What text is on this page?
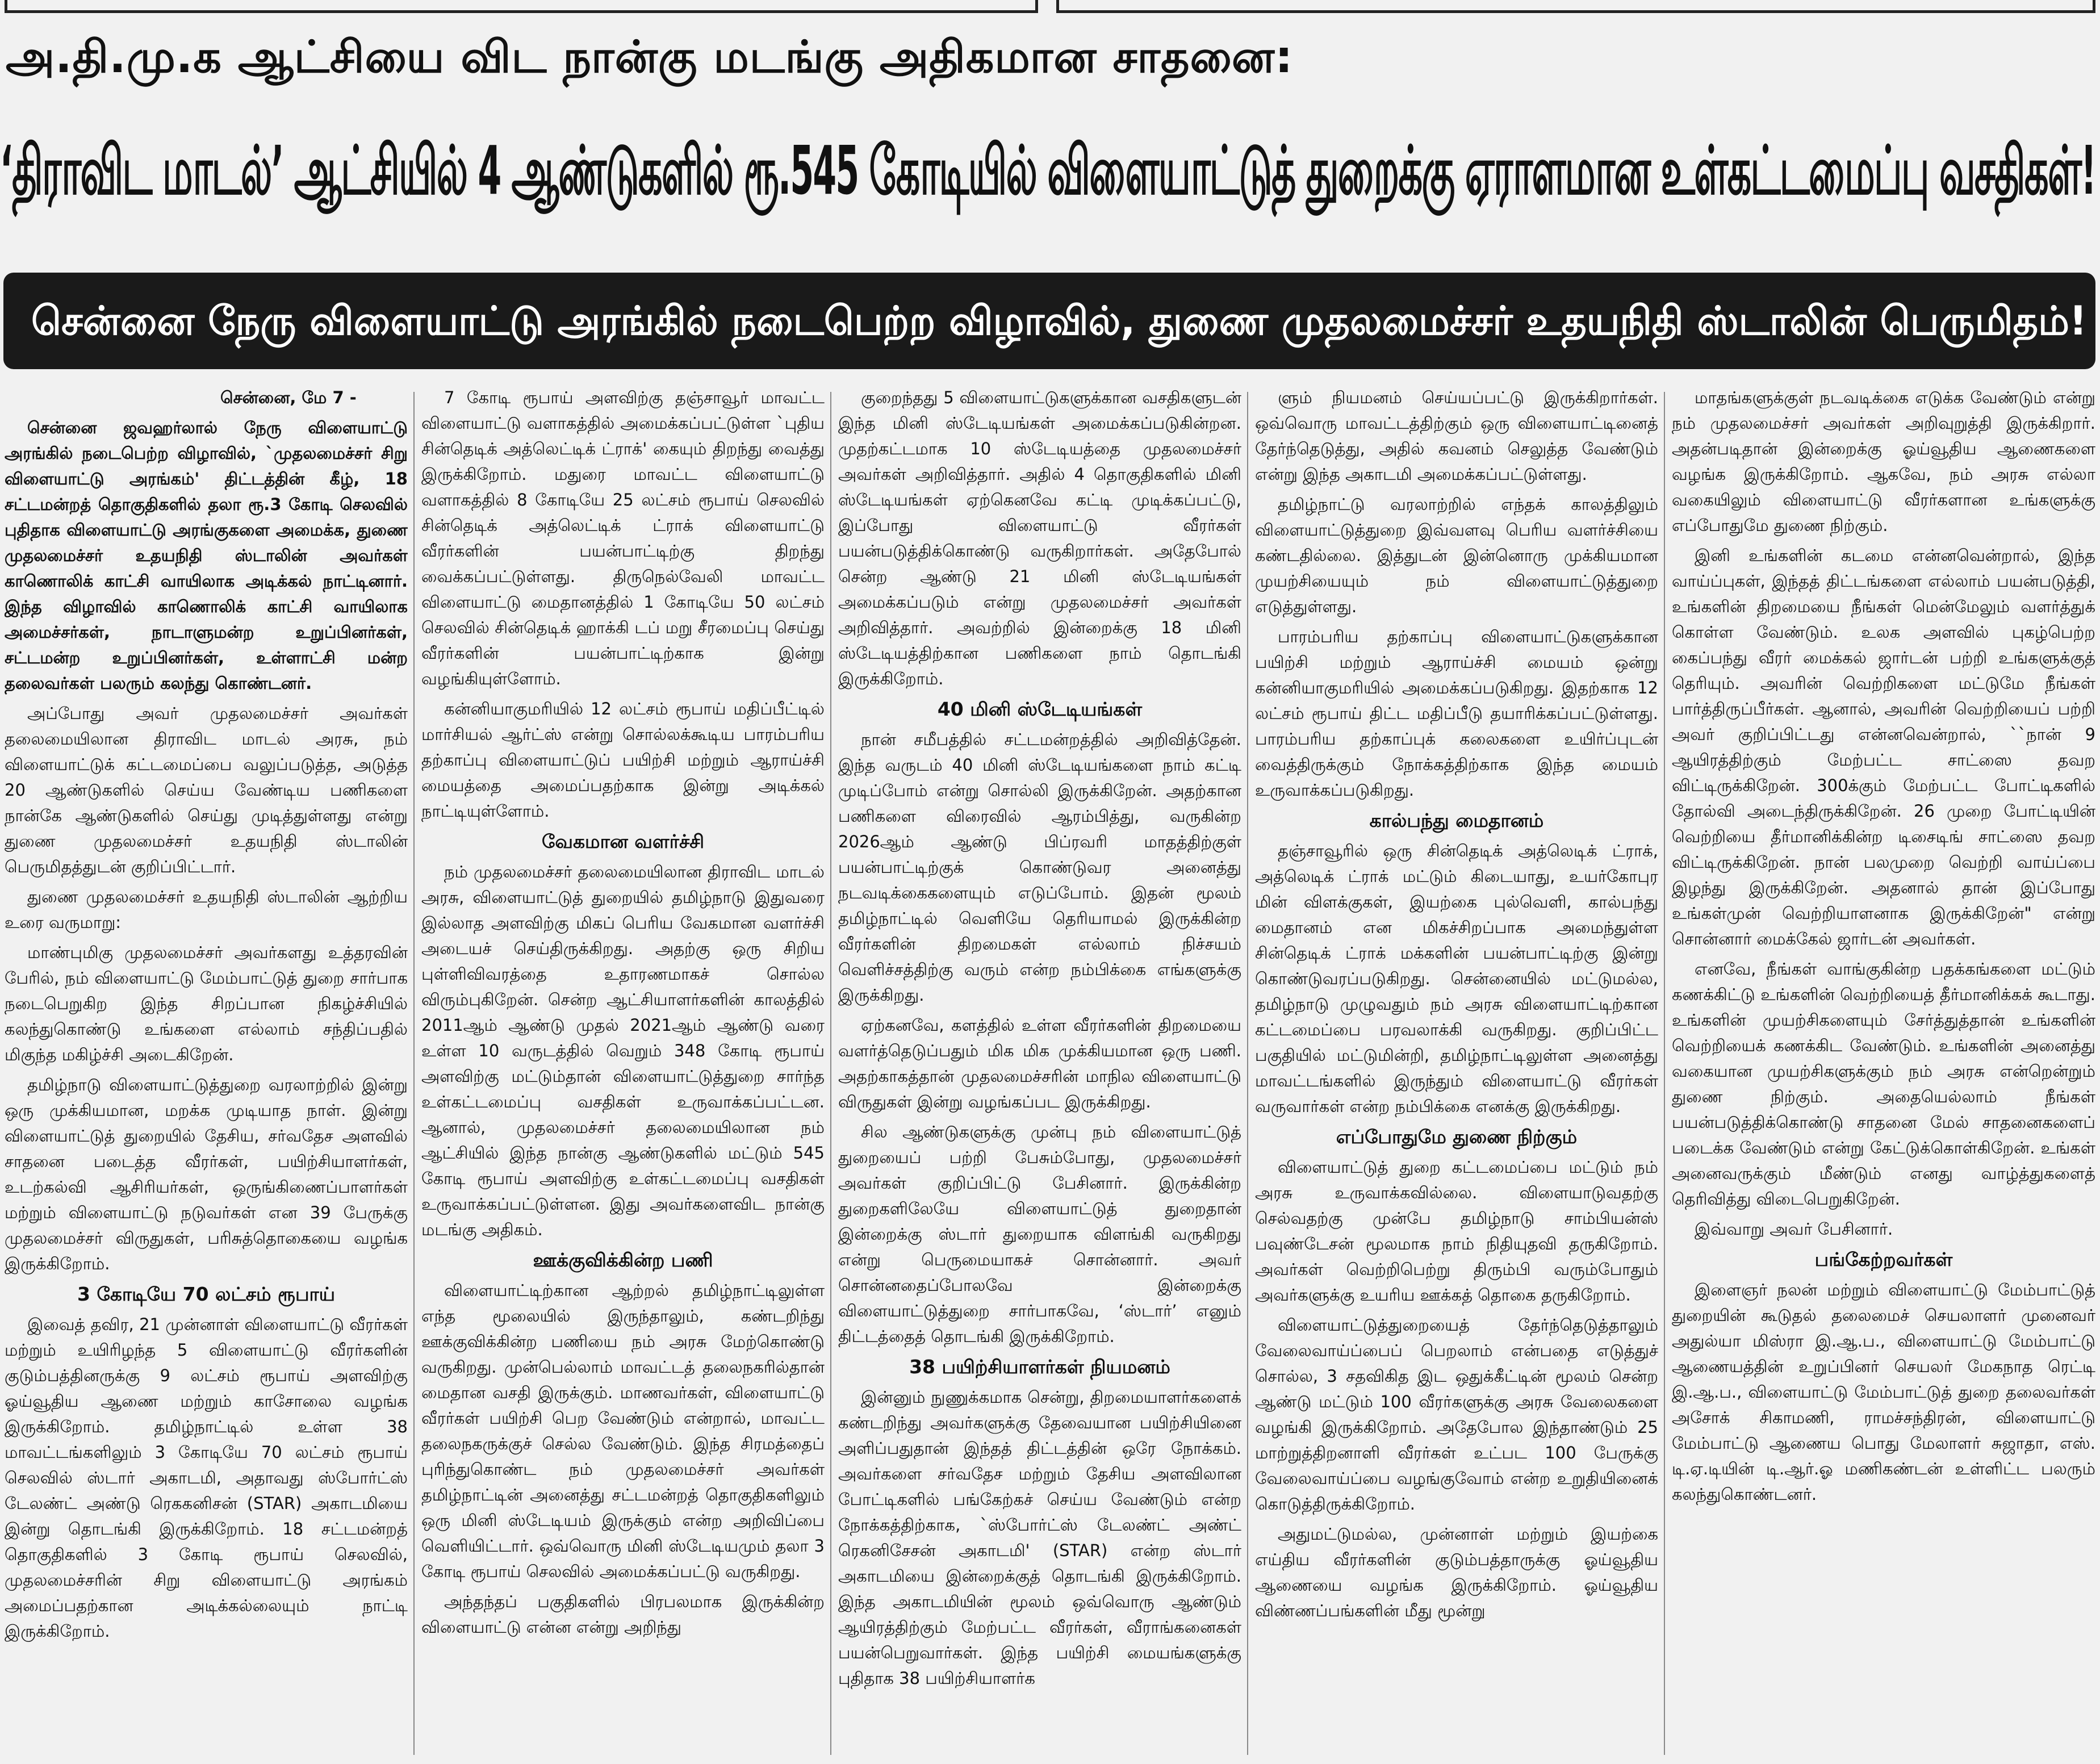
அ.தி.மு.க ஆட்சியை விட நான்கு மடங்கு அதிகமான சாதனை:
‘திராவிட மாடல்’ ஆட்சியில் 4 ஆண்டுகளில் ரூ.545 கோடியில் விளையாட்டுத் துறைக்கு ஏராளமான உள்கட்டமைப்பு வசதிகள்!
சென்னை நேரு விளையாட்டு அரங்கில் நடைபெற்ற விழாவில், துணை முதலமைச்சர் உதயநிதி ஸ்டாலின் பெருமிதம்!

சென்னை, மே 7 -

சென்னை ஜவஹர்லால் நேரு விளையாட்டு அரங்கில் நடைபெற்ற விழாவில், `முதலமைச்சர் சிறு விளையாட்டு அரங்கம்' திட்டத்தின் கீழ், 18 சட்டமன்றத் தொகுதிகளில் தலா ரூ.3 கோடி செலவில் புதிதாக விளையாட்டு அரங்குகளை அமைக்க, துணை முதலமைச்சர் உதயநிதி ஸ்டாலின் அவர்கள் காணொலிக் காட்சி வாயிலாக அடிக்கல் நாட்டினார். இந்த விழாவில் காணொலிக் காட்சி வாயிலாக அமைச்சர்கள், நாடாளுமன்ற உறுப்பினர்கள், சட்டமன்ற உறுப்பினர்கள், உள்ளாட்சி மன்ற தலைவர்கள் பலரும் கலந்து கொண்டனர்.

அப்போது அவர் முதலமைச்சர் அவர்கள் தலைமையிலான திராவிட மாடல் அரசு, நம் விளையாட்டுக் கட்டமைப்பை வலுப்படுத்த, அடுத்த 20 ஆண்டுகளில் செய்ய வேண்டிய பணிகளை நான்கே ஆண்டுகளில் செய்து முடித்துள்ளது என்று துணை முதலமைச்சர் உதயநிதி ஸ்டாலின் பெருமிதத்துடன் குறிப்பிட்டார்.

துணை முதலமைச்சர் உதயநிதி ஸ்டாலின் ஆற்றிய உரை வருமாறு:

மாண்புமிகு முதலமைச்சர் அவர்களது உத்தரவின் பேரில், நம் விளையாட்டு மேம்பாட்டுத் துறை சார்பாக நடைபெறுகிற இந்த சிறப்பான நிகழ்ச்சியில் கலந்துகொண்டு உங்களை எல்லாம் சந்திப்பதில் மிகுந்த மகிழ்ச்சி அடைகிறேன்.

தமிழ்நாடு விளையாட்டுத்துறை வரலாற்றில் இன்று ஒரு முக்கியமான, மறக்க முடியாத நாள். இன்று விளையாட்டுத் துறையில் தேசிய, சர்வதேச அளவில் சாதனை படைத்த வீரர்கள், பயிற்சியாளர்கள், உடற்கல்வி ஆசிரியர்கள், ஒருங்கிணைப்பாளர்கள் மற்றும் விளையாட்டு நடுவர்கள் என 39 பேருக்கு முதலமைச்சர் விருதுகள், பரிசுத்தொகையை வழங்க இருக்கிறோம்.

3 கோடியே 70 லட்சம் ரூபாய்

இவைத் தவிர, 21 முன்னாள் விளையாட்டு வீரர்கள் மற்றும் உயிரிழந்த 5 விளையாட்டு வீரர்களின் குடும்பத்தினருக்கு 9 லட்சம் ரூபாய் அளவிற்கு ஓய்வூதிய ஆணை மற்றும் காசோலை வழங்க இருக்கிறோம். தமிழ்நாட்டில் உள்ள 38 மாவட்டங்களிலும் 3 கோடியே 70 லட்சம் ரூபாய் செலவில் ஸ்டார் அகாடமி, அதாவது ஸ்போர்ட்ஸ் டேலண்ட் அண்டு ரெககனிசன் (STAR) அகாடமியை இன்று தொடங்கி இருக்கிறோம். 18 சட்டமன்றத் தொகுதிகளில் 3 கோடி ரூபாய் செலவில், முதலமைச்சரின் சிறு விளையாட்டு அரங்கம் அமைப்பதற்கான அடிக்கல்லையும் நாட்டி இருக்கிறோம்.

7 கோடி ரூபாய் அளவிற்கு தஞ்சாவூர் மாவட்ட விளையாட்டு வளாகத்தில் அமைக்கப்பட்டுள்ள `புதிய சின்தெடிக் அத்லெட்டிக் ட்ராக்' கையும் திறந்து வைத்து இருக்கிறோம். மதுரை மாவட்ட விளையாட்டு வளாகத்தில் 8 கோடியே 25 லட்சம் ரூபாய் செலவில் சின்தெடிக் அத்லெட்டிக் ட்ராக் விளையாட்டு வீரர்களின் பயன்பாட்டிற்கு திறந்து வைக்கப்பட்டுள்ளது. திருநெல்வேலி மாவட்ட விளையாட்டு மைதானத்தில் 1 கோடியே 50 லட்சம் செலவில் சின்தெடிக் ஹாக்கி டப் மறு சீரமைப்பு செய்து வீரர்களின் பயன்பாட்டிற்காக இன்று வழங்கியுள்ளோம்.

கன்னியாகுமரியில் 12 லட்சம் ரூபாய் மதிப்பீட்டில் மார்சியல் ஆர்ட்ஸ் என்று சொல்லக்கூடிய பாரம்பரிய தற்காப்பு விளையாட்டுப் பயிற்சி மற்றும் ஆராய்ச்சி மையத்தை அமைப்பதற்காக இன்று அடிக்கல் நாட்டியுள்ளோம்.

வேகமான வளர்ச்சி

நம் முதலமைச்சர் தலைமையிலான திராவிட மாடல் அரசு, விளையாட்டுத் துறையில் தமிழ்நாடு இதுவரை இல்லாத அளவிற்கு மிகப் பெரிய வேகமான வளர்ச்சி அடையச் செய்திருக்கிறது. அதற்கு ஒரு சிறிய புள்ளிவிவரத்தை உதாரணமாகச் சொல்ல விரும்புகிறேன். சென்ற ஆட்சியாளர்களின் காலத்தில் 2011ஆம் ஆண்டு முதல் 2021ஆம் ஆண்டு வரை உள்ள 10 வருடத்தில் வெறும் 348 கோடி ரூபாய் அளவிற்கு மட்டும்தான் விளையாட்டுத்துறை சார்ந்த உள்கட்டமைப்பு வசதிகள் உருவாக்கப்பட்டன. ஆனால், முதலமைச்சர் தலைமையிலான நம் ஆட்சியில் இந்த நான்கு ஆண்டுகளில் மட்டும் 545 கோடி ரூபாய் அளவிற்கு உள்கட்டமைப்பு வசதிகள் உருவாக்கப்பட்டுள்ளன. இது அவர்களைவிட நான்கு மடங்கு அதிகம்.

ஊக்குவிக்கின்ற பணி

விளையாட்டிற்கான ஆற்றல் தமிழ்நாட்டிலுள்ள எந்த மூலையில் இருந்தாலும், கண்டறிந்து ஊக்குவிக்கின்ற பணியை நம் அரசு மேற்கொண்டு வருகிறது. முன்பெல்லாம் மாவட்டத் தலைநகரில்தான் மைதான வசதி இருக்கும். மாணவர்கள், விளையாட்டு வீரர்கள் பயிற்சி பெற வேண்டும் என்றால், மாவட்ட தலைநகருக்குச் செல்ல வேண்டும். இந்த சிரமத்தைப் புரிந்துகொண்ட நம் முதலமைச்சர் அவர்கள் தமிழ்நாட்டின் அனைத்து சட்டமன்றத் தொகுதிகளிலும் ஒரு மினி ஸ்டேடியம் இருக்கும் என்ற அறிவிப்பை வெளியிட்டார். ஒவ்வொரு மினி ஸ்டேடியமும் தலா 3 கோடி ரூபாய் செலவில் அமைக்கப்பட்டு வருகிறது.

அந்தந்தப் பகுதிகளில் பிரபலமாக இருக்கின்ற விளையாட்டு என்ன என்று அறிந்து

குறைந்தது 5 விளையாட்டுகளுக்கான வசதிகளுடன் இந்த மினி ஸ்டேடியங்கள் அமைக்கப்படுகின்றன. முதற்கட்டமாக 10 ஸ்டேடியத்தை முதலமைச்சர் அவர்கள் அறிவித்தார். அதில் 4 தொகுதிகளில் மினி ஸ்டேடியங்கள் ஏற்கெனவே கட்டி முடிக்கப்பட்டு, இப்போது விளையாட்டு வீரர்கள் பயன்படுத்திக்கொண்டு வருகிறார்கள். அதேபோல் சென்ற ஆண்டு 21 மினி ஸ்டேடியங்கள் அமைக்கப்படும் என்று முதலமைச்சர் அவர்கள் அறிவித்தார். அவற்றில் இன்றைக்கு 18 மினி ஸ்டேடியத்திற்கான பணிகளை நாம் தொடங்கி இருக்கிறோம்.

40 மினி ஸ்டேடியங்கள்

நான் சமீபத்தில் சட்டமன்றத்தில் அறிவித்தேன். இந்த வருடம் 40 மினி ஸ்டேடியங்களை நாம் கட்டி முடிப்போம் என்று சொல்லி இருக்கிறேன். அதற்கான பணிகளை விரைவில் ஆரம்பித்து, வருகின்ற 2026ஆம் ஆண்டு பிப்ரவரி மாதத்திற்குள் பயன்பாட்டிற்குக் கொண்டுவர அனைத்து நடவடிக்கைகளையும் எடுப்போம். இதன் மூலம் தமிழ்நாட்டில் வெளியே தெரியாமல் இருக்கின்ற வீரர்களின் திறமைகள் எல்லாம் நிச்சயம் வெளிச்சத்திற்கு வரும் என்ற நம்பிக்கை எங்களுக்கு இருக்கிறது.

ஏற்கனவே, களத்தில் உள்ள வீரர்களின் திறமையை வளர்த்தெடுப்பதும் மிக மிக முக்கியமான ஒரு பணி. அதற்காகத்தான் முதலமைச்சரின் மாநில விளையாட்டு விருதுகள் இன்று வழங்கப்பட இருக்கிறது.

சில ஆண்டுகளுக்கு முன்பு நம் விளையாட்டுத் துறையைப் பற்றி பேசும்போது, முதலமைச்சர் அவர்கள் குறிப்பிட்டு பேசினார். இருக்கின்ற துறைகளிலேயே விளையாட்டுத் துறைதான் இன்றைக்கு ஸ்டார் துறையாக விளங்கி வருகிறது என்று பெருமையாகச் சொன்னார். அவர் சொன்னதைப்போலவே இன்றைக்கு விளையாட்டுத்துறை சார்பாகவே, ‘ஸ்டார்’ எனும் திட்டத்தைத் தொடங்கி இருக்கிறோம்.

38 பயிற்சியாளர்கள் நியமனம்

இன்னும் நுணுக்கமாக சென்று, திறமையாளர்களைக் கண்டறிந்து அவர்களுக்கு தேவையான பயிற்சியினை அளிப்பதுதான் இந்தத் திட்டத்தின் ஒரே நோக்கம். அவர்களை சர்வதேச மற்றும் தேசிய அளவிலான போட்டிகளில் பங்கேற்கச் செய்ய வேண்டும் என்ற நோக்கத்திற்காக, `ஸ்போர்ட்ஸ் டேலண்ட் அண்ட் ரெகனிசேசன் அகாடமி' (STAR) என்ற ஸ்டார் அகாடமியை இன்றைக்குத் தொடங்கி இருக்கிறோம். இந்த அகாடமியின் மூலம் ஒவ்வொரு ஆண்டும் ஆயிரத்திற்கும் மேற்பட்ட வீரர்கள், வீராங்கனைகள் பயன்பெறுவார்கள். இந்த பயிற்சி மையங்களுக்கு புதிதாக 38 பயிற்சியாளர்க

ளும் நியமனம் செய்யப்பட்டு இருக்கிறார்கள். ஒவ்வொரு மாவட்டத்திற்கும் ஒரு விளையாட்டினைத் தேர்ந்தெடுத்து, அதில் கவனம் செலுத்த வேண்டும் என்று இந்த அகாடமி அமைக்கப்பட்டுள்ளது.

தமிழ்நாட்டு வரலாற்றில் எந்தக் காலத்திலும் விளையாட்டுத்துறை இவ்வளவு பெரிய வளர்ச்சியை கண்டதில்லை. இத்துடன் இன்னொரு முக்கியமான முயற்சியையும் நம் விளையாட்டுத்துறை எடுத்துள்ளது.

பாரம்பரிய தற்காப்பு விளையாட்டுகளுக்கான பயிற்சி மற்றும் ஆராய்ச்சி மையம் ஒன்று கன்னியாகுமரியில் அமைக்கப்படுகிறது. இதற்காக 12 லட்சம் ரூபாய் திட்ட மதிப்பீடு தயாரிக்கப்பட்டுள்ளது. பாரம்பரிய தற்காப்புக் கலைகளை உயிர்ப்புடன் வைத்திருக்கும் நோக்கத்திற்காக இந்த மையம் உருவாக்கப்படுகிறது.

கால்பந்து மைதானம்

தஞ்சாவூரில் ஒரு சின்தெடிக் அத்லெடிக் ட்ராக், அத்லெடிக் ட்ராக் மட்டும் கிடையாது, உயர்கோபுர மின் விளக்குகள், இயற்கை புல்வெளி, கால்பந்து மைதானம் என மிகச்சிறப்பாக அமைந்துள்ள சின்தெடிக் ட்ராக் மக்களின் பயன்பாட்டிற்கு இன்று கொண்டுவரப்படுகிறது. சென்னையில் மட்டுமல்ல, தமிழ்நாடு முழுவதும் நம் அரசு விளையாட்டிற்கான கட்டமைப்பை பரவலாக்கி வருகிறது. குறிப்பிட்ட பகுதியில் மட்டுமின்றி, தமிழ்நாட்டிலுள்ள அனைத்து மாவட்டங்களில் இருந்தும் விளையாட்டு வீரர்கள் வருவார்கள் என்ற நம்பிக்கை எனக்கு இருக்கிறது.

எப்போதுமே துணை நிற்கும்

விளையாட்டுத் துறை கட்டமைப்பை மட்டும் நம் அரசு உருவாக்கவில்லை. விளையாடுவதற்கு செல்வதற்கு முன்பே தமிழ்நாடு சாம்பியன்ஸ் பவுண்டேசன் மூலமாக நாம் நிதியுதவி தருகிறோம். அவர்கள் வெற்றிபெற்று திரும்பி வரும்போதும் அவர்களுக்கு உயரிய ஊக்கத் தொகை தருகிறோம்.

விளையாட்டுத்துறையைத் தேர்ந்தெடுத்தாலும் வேலைவாய்ப்பைப் பெறலாம் என்பதை எடுத்துச் சொல்ல, 3 சதவிகித இட ஒதுக்கீட்டின் மூலம் சென்ற ஆண்டு மட்டும் 100 வீரர்களுக்கு அரசு வேலைகளை வழங்கி இருக்கிறோம். அதேபோல இந்தாண்டும் 25 மாற்றுத்திறனாளி வீரர்கள் உட்பட 100 பேருக்கு வேலைவாய்ப்பை வழங்குவோம் என்ற உறுதியினைக் கொடுத்திருக்கிறோம்.

அதுமட்டுமல்ல, முன்னாள் மற்றும் இயற்கை எய்திய வீரர்களின் குடும்பத்தாருக்கு ஓய்வூதிய ஆணையை வழங்க இருக்கிறோம். ஓய்வூதிய விண்ணப்பங்களின் மீது மூன்று

மாதங்களுக்குள் நடவடிக்கை எடுக்க வேண்டும் என்று நம் முதலமைச்சர் அவர்கள் அறிவுறுத்தி இருக்கிறார். அதன்படிதான் இன்றைக்கு ஓய்வூதிய ஆணைகளை வழங்க இருக்கிறோம். ஆகவே, நம் அரசு எல்லா வகையிலும் விளையாட்டு வீரர்களான உங்களுக்கு எப்போதுமே துணை நிற்கும்.

இனி உங்களின் கடமை என்னவென்றால், இந்த வாய்ப்புகள், இந்தத் திட்டங்களை எல்லாம் பயன்படுத்தி, உங்களின் திறமையை நீங்கள் மென்மேலும் வளர்த்துக் கொள்ள வேண்டும். உலக அளவில் புகழ்பெற்ற கைப்பந்து வீரர் மைக்கல் ஜார்டன் பற்றி உங்களுக்குத் தெரியும். அவரின் வெற்றிகளை மட்டுமே நீங்கள் பார்த்திருப்பீர்கள். ஆனால், அவரின் வெற்றியைப் பற்றி அவர் குறிப்பிட்டது என்னவென்றால், ``நான் 9 ஆயிரத்திற்கும் மேற்பட்ட சாட்ஸை தவற விட்டிருக்கிறேன். 300க்கும் மேற்பட்ட போட்டிகளில் தோல்வி அடைந்திருக்கிறேன். 26 முறை போட்டியின் வெற்றியை தீர்மானிக்கின்ற டிசைடிங் சாட்ஸை தவற விட்டிருக்கிறேன். நான் பலமுறை வெற்றி வாய்ப்பை இழந்து இருக்கிறேன். அதனால் தான் இப்போது உங்கள்முன் வெற்றியாளனாக இருக்கிறேன்" என்று சொன்னார் மைக்கேல் ஜார்டன் அவர்கள்.

எனவே, நீங்கள் வாங்குகின்ற பதக்கங்களை மட்டும் கணக்கிட்டு உங்களின் வெற்றியைத் தீர்மானிக்கக் கூடாது. உங்களின் முயற்சிகளையும் சேர்த்துத்தான் உங்களின் வெற்றியைக் கணக்கிட வேண்டும். உங்களின் அனைத்து வகையான முயற்சிகளுக்கும் நம் அரசு என்றென்றும் துணை நிற்கும். அதையெல்லாம் நீங்கள் பயன்படுத்திக்கொண்டு சாதனை மேல் சாதனைகளைப் படைக்க வேண்டும் என்று கேட்டுக்கொள்கிறேன். உங்கள் அனைவருக்கும் மீண்டும் எனது வாழ்த்துகளைத் தெரிவித்து விடைபெறுகிறேன்.

இவ்வாறு அவர் பேசினார்.

பங்கேற்றவர்கள்

இளைஞர் நலன் மற்றும் விளையாட்டு மேம்பாட்டுத் துறையின் கூடுதல் தலைமைச் செயலாளர் முனைவர் அதுல்யா மிஸ்ரா இ.ஆ.ப., விளையாட்டு மேம்பாட்டு ஆணையத்தின் உறுப்பினர் செயலர் மேகநாத ரெட்டி இ.ஆ.ப., விளையாட்டு மேம்பாட்டுத் துறை தலைவர்கள் அசோக் சிகாமணி, ராமச்சந்திரன், விளையாட்டு மேம்பாட்டு ஆணைய பொது மேலாளர் சுஜாதா, எஸ். டி.ஏ.டியின் டி.ஆர்.ஓ மணிகண்டன் உள்ளிட்ட பலரும் கலந்துகொண்டனர்.
